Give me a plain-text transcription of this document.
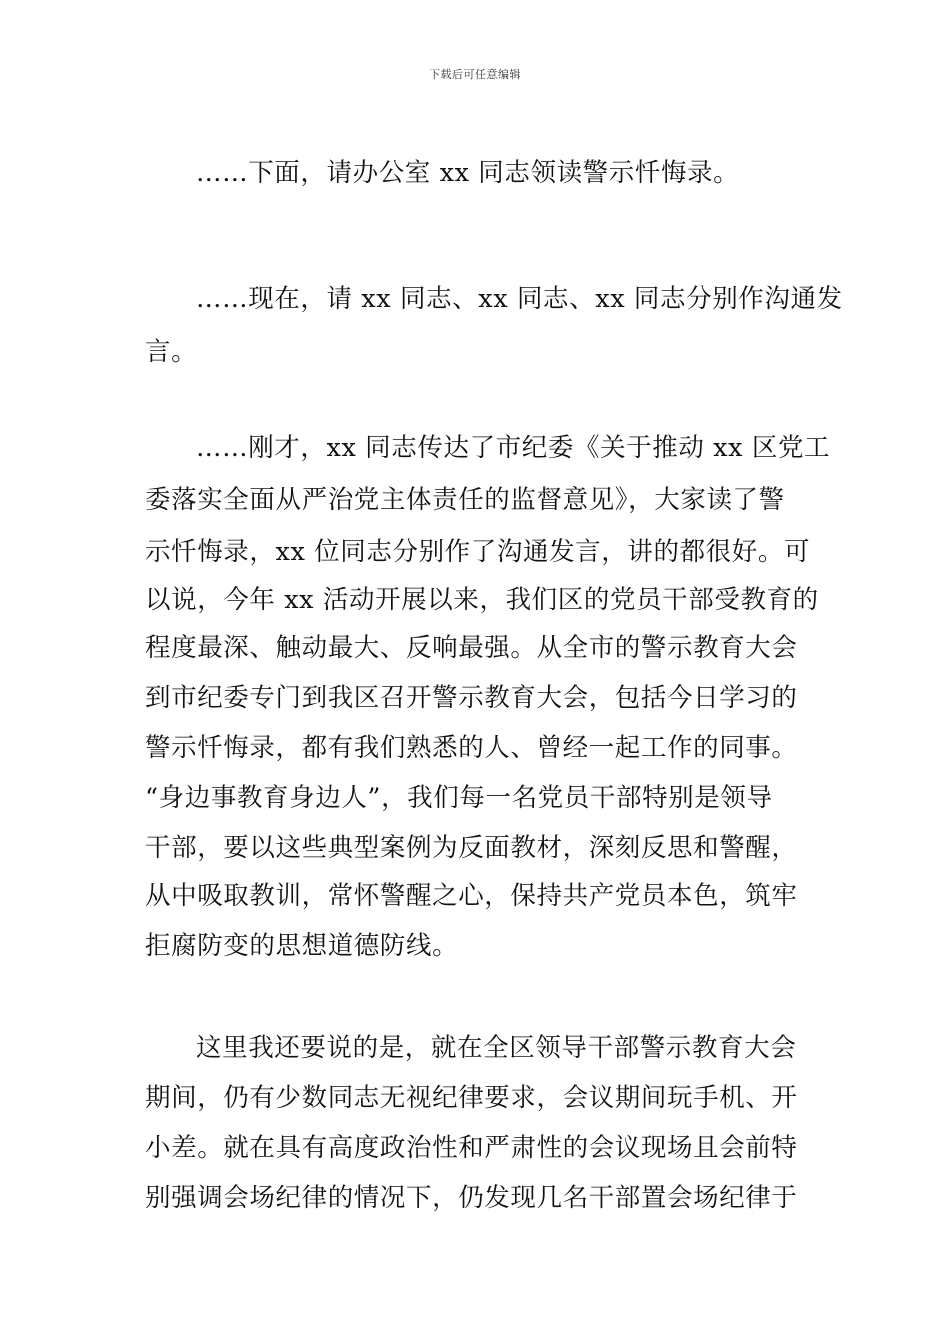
下载后可任意编辑
……下面，请办公室 xx 同志领读警示忏悔录。
……现在，请 xx 同志、xx 同志、xx 同志分别作沟通发
言。
……刚才，xx 同志传达了市纪委《关于推动 xx 区党工
委落实全面从严治党主体责任的监督意见》，大家读了警
示忏悔录，xx 位同志分别作了沟通发言，讲的都很好。可
以说，今年 xx 活动开展以来，我们区的党员干部受教育的
程度最深、触动最大、反响最强。从全市的警示教育大会
到市纪委专门到我区召开警示教育大会，包括今日学习的
警示忏悔录，都有我们熟悉的人、曾经一起工作的同事。
“身边事教育身边人”，我们每一名党员干部特别是领导
干部，要以这些典型案例为反面教材，深刻反思和警醒，
从中吸取教训，常怀警醒之心，保持共产党员本色，筑牢
拒腐防变的思想道德防线。
这里我还要说的是，就在全区领导干部警示教育大会
期间，仍有少数同志无视纪律要求，会议期间玩手机、开
小差。就在具有高度政治性和严肃性的会议现场且会前特
别强调会场纪律的情况下，仍发现几名干部置会场纪律于
